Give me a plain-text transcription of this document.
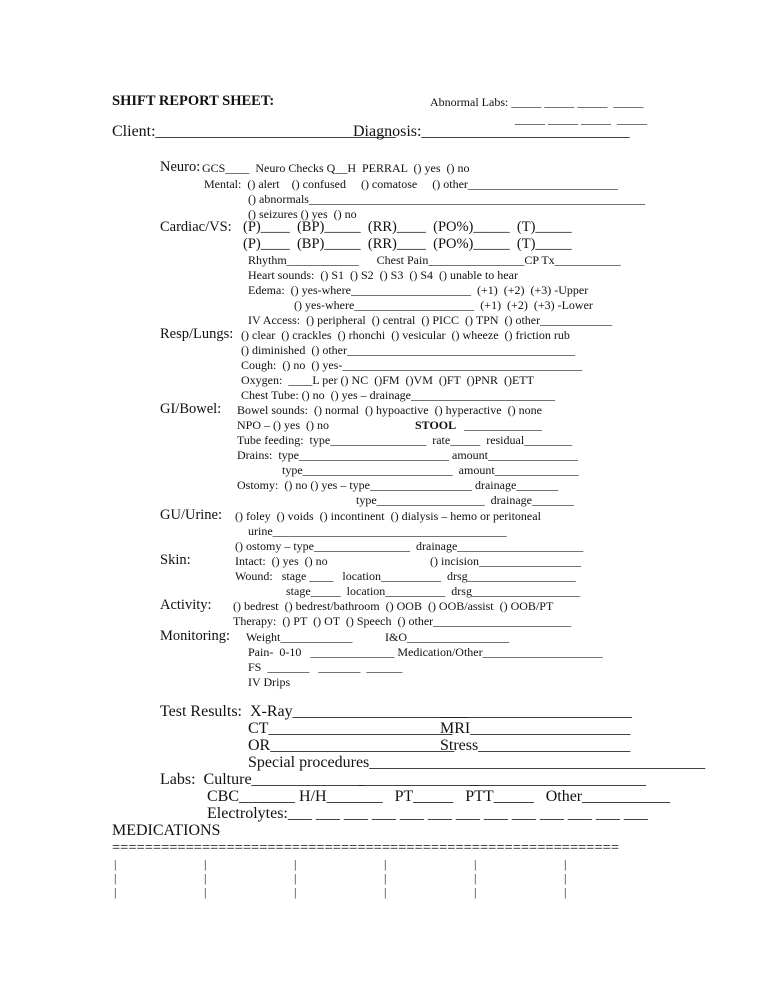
SHIFT REPORT SHEET:	Abnormal Labs: _____ _____ _____  _____
_____ _____ _____  _____
Client:______________________________
Diagnosis:__________________________
Neuro: GCS____  Neuro Checks Q__H  PERRAL  () yes  () no
Mental:  () alert    () confused     () comatose     () other_________________________
() abnormals________________________________________________________
() seizures () yes  () no
Cardiac/VS: (P)____  (BP)_____  (RR)____  (PO%)_____  (T)_____
(P)____  (BP)_____  (RR)____  (PO%)_____  (T)_____
Rhythm____________      Chest Pain________________CP Tx___________
Heart sounds:  () S1  () S2  () S3  () S4  () unable to hear
Edema:  () yes-where____________________  (+1)  (+2)  (+3) -Upper
() yes-where____________________  (+1)  (+2)  (+3) -Lower
IV Access:  () peripheral  () central  () PICC  () TPN  () other____________
Resp/Lungs: () clear  () crackles  () rhonchi  () vesicular  () wheeze  () friction rub
() diminished  () other______________________________________
Cough:  () no  () yes-________________________________________
Oxygen:  ____L per () NC  ()FM  ()VM  ()FT  ()PNR  ()ETT
Chest Tube: () no  () yes – drainage________________________
GI/Bowel: Bowel sounds:  () normal  () hypoactive  () hyperactive  () none
NPO – () yes  () no	STOOL _____________
Tube feeding:  type________________  rate_____  residual________
Drains:  type_________________________ amount_______________
type_________________________  amount______________
Ostomy:  () no () yes – type_________________ drainage_______
type__________________  drainage_______
GU/Urine: () foley  () voids  () incontinent  () dialysis – hemo or peritoneal
urine_______________________________________
() ostomy – type________________  drainage_____________________
Skin:	Intact:  () yes  () no	() incision_________________
Wound:   stage ____   location__________  drsg__________________
stage_____  location__________  drsg__________________
Activity: () bedrest  () bedrest/bathroom  () OOB  () OOB/assist  () OOB/PT
Therapy:  () PT  () OT  () Speech  () other_______________________
Monitoring: Weight____________	I&O_________________
Pain-  0-10   ______________ Medication/Other____________________
FS  _______   _______  ______
IV Drips
Test Results:  X-Ray______________________
________________________
CT_______________________
MRI____________________
OR_______________________
Stress___________________
Special procedures__________________________________________
Labs:  Culture______________
_______________
______________________
CBC_______ H/H_______   PT_____   PTT_____   Other___________
Electrolytes:___ ___ ___ ___ ___ ___ ___ ___ ___ ___ ___ ___ ___
MEDICATIONS
==============================================================
|	|	|	|	|	|
|	|	|	|	|	|
|	|	|	|	|	|
